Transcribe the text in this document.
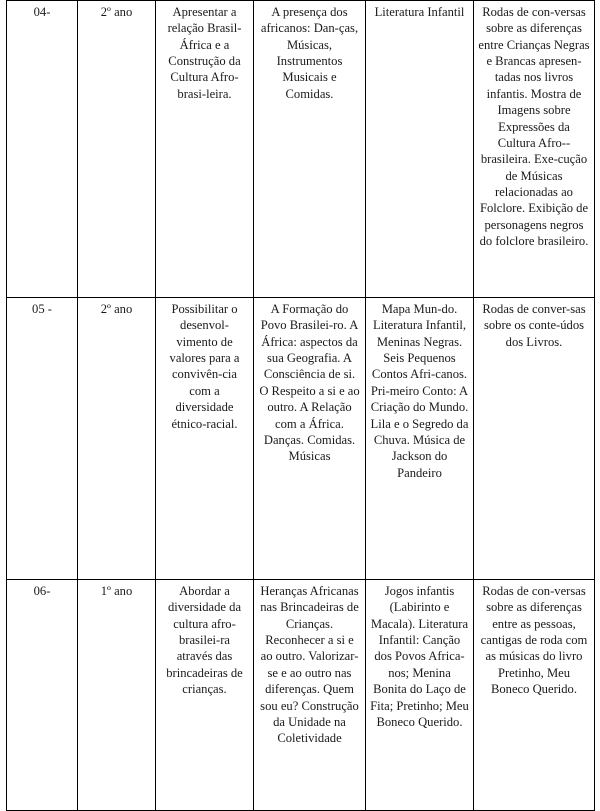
04-	2º ano	Apresentar a relação Brasil-África e a Construção da Cultura Afro-brasi-leira.	A presença dos africanos: Dan-ças, Músicas, Instrumentos Musicais e Comidas.	Literatura Infantil	Rodas de con-versas sobre as diferenças entre Crianças Negras e Brancas apresen-tadas nos livros infantis. Mostra de Imagens sobre Expressões da Cultura Afro--brasileira. Exe-cução de Músicas relacionadas ao Folclore. Exibição de personagens negros do folclore brasileiro.

05 -	2º ano	Possibilitar o desenvol-vimento de valores para a convivên-cia com a diversidade étnico-racial.	A Formação do Povo Brasilei-ro. A África: aspectos da sua Geografia. A Consciência de si. O Respeito a si e ao outro. A Relação com a África. Danças. Comidas. Músicas	Mapa Mun-do. Literatura Infantil, Meninas Negras. Seis Pequenos Contos Afri-canos. Pri-meiro Conto: A Criação do Mundo. Lila e o Segredo da Chuva. Música de Jackson do Pandeiro	Rodas de conver-sas sobre os conte-údos dos Livros.

06-	1º ano	Abordar a diversidade da cultura afro-brasilei-ra através das brincadeiras de crianças.	Heranças Africanas nas Brincadeiras de Crianças. Reconhecer a si e ao outro. Valorizar-se e ao outro nas diferenças. Quem sou eu? Construção da Unidade na Coletividade	Jogos infantis (Labirinto e Macala). Literatura Infantil: Canção dos Povos Africa-nos; Menina Bonita do Laço de Fita; Pretinho; Meu Boneco Querido.	Rodas de con-versas sobre as diferenças entre as pessoas, cantigas de roda com as músicas do livro Pretinho, Meu Boneco Querido.
